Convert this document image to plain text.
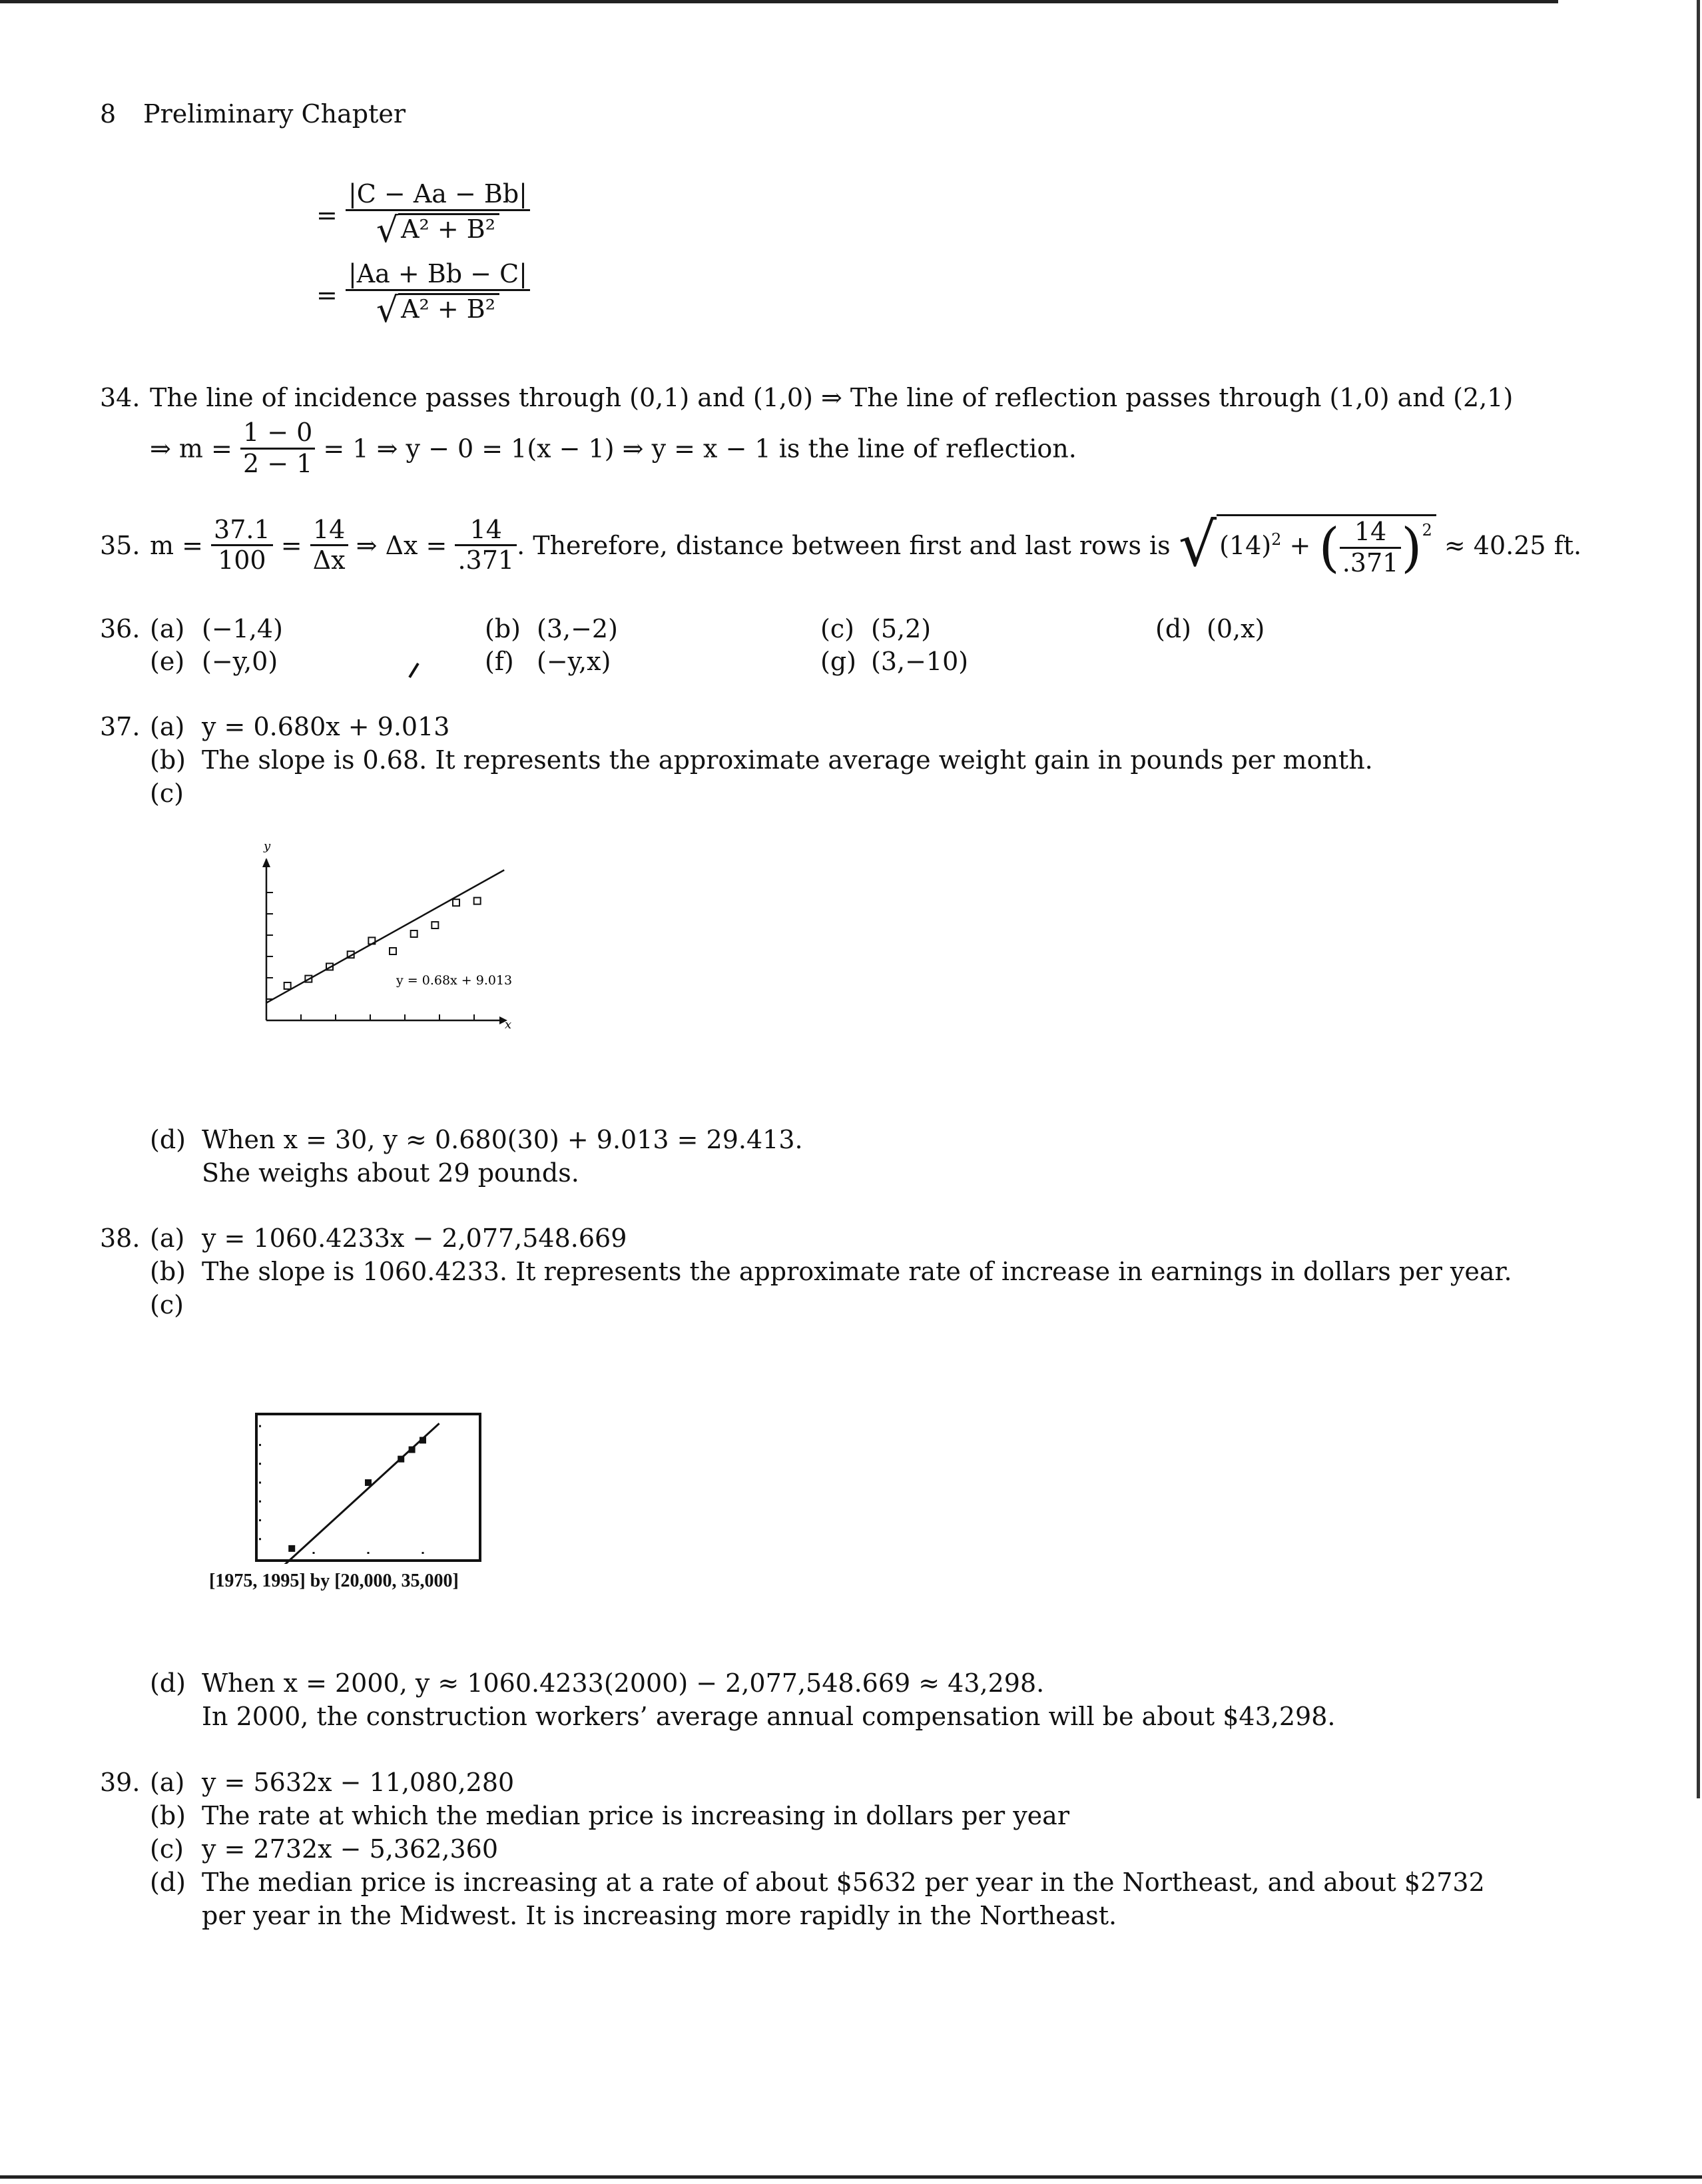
8 Preliminary Chapter
= $\frac{|C - Aa - Bb|}{\text{√ A² + B²}}$
= $\frac{|Aa + Bb - C|}{\text{√ A² + B²}}$
34. The line of incidence passes through (0,1) and (1,0) ⇒ The line of reflection passes through (1,0) and (2,1)
⇒ $m = \frac{1 - 0}{2 - 1} = 1$ ⇒ y − 0 = 1(x − 1) ⇒ y = x − 1 is the line of reflection.
35. $m = \frac{37.1}{100} = \frac{14}{\Delta x}$ ⇒ $\Delta x = \frac{14}{.371}$ . Therefore, distance between first and last rows is √ $(14)^2$ + ( $\frac{14}{.371} )^2 \approx 40.25$ ft.
36. (a) (−1,4)	(b) (3,−2)	(c) (5,2)	(d) (0,x)
(e) (−y,0)	(f) (−y,x)	(g) (3,−10)
37. (a) y = 0.680x + 9.013
(b) The slope is 0.68. It represents the approximate average weight gain in pounds per month.
(c)
y
x
y = 0.68x + 9.013
(d) When x = 30, y ≈ 0.680(30) + 9.013 = 29.413.
She weighs about 29 pounds.
38. (a) y = 1060.4233x − 2,077,548.669
(b) The slope is 1060.4233. It represents the approximate rate of increase in earnings in dollars per year.
(c)
[1975, 1995] by [20,000, 35,000]
(d) When x = 2000, y ≈ 1060.4233(2000) − 2,077,548.669 ≈ 43,298.
In 2000, the construction workers’ average annual compensation will be about $43,298.
39. (a) y = 5632x − 11,080,280
(b) The rate at which the median price is increasing in dollars per year
(c) y = 2732x − 5,362,360
(d) The median price is increasing at a rate of about $5632 per year in the Northeast, and about $2732
per year in the Midwest. It is increasing more rapidly in the Northeast.
